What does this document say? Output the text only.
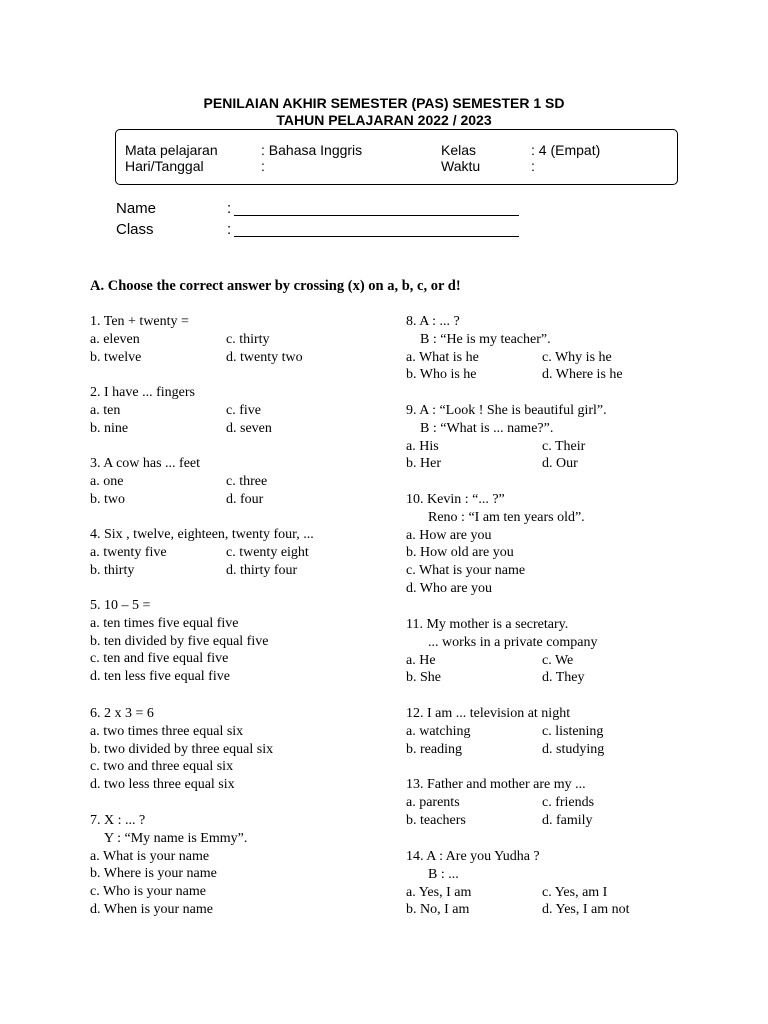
PENILAIAN AKHIR SEMESTER (PAS) SEMESTER 1 SD
TAHUN PELAJARAN 2022 / 2023
Mata pelajaran	: Bahasa Inggris	Kelas	: 4 (Empat)
Hari/Tanggal	:	Waktu	:
Name	:
Class	:
A. Choose the correct answer by crossing (x) on a, b, c, or d!
1. Ten + twenty =
a. eleven	c. thirty
b. twelve	d. twenty two
2. I have ... fingers
a. ten	c. five
b. nine	d. seven
3. A cow has ... feet
a. one	c. three
b. two	d. four
4. Six , twelve, eighteen, twenty four, ...
a. twenty five	c. twenty eight
b. thirty	d. thirty four
5. 10 – 5 =
a. ten times five equal five
b. ten divided by five equal five
c. ten and five equal five
d. ten less five equal five
6. 2 x 3 = 6
a. two times three equal six
b. two divided by three equal six
c. two and three equal six
d. two less three equal six
7. X : ... ?
Y : “My name is Emmy”.
a. What is your name
b. Where is your name
c. Who is your name
d. When is your name
8. A : ... ?
B : “He is my teacher”.
a. What is he	c. Why is he
b. Who is he	d. Where is he
9. A : “Look ! She is beautiful girl”.
B : “What is ... name?”.
a. His	c. Their
b. Her	d. Our
10. Kevin : “... ?”
Reno : “I am ten years old”.
a. How are you
b. How old are you
c. What is your name
d. Who are you
11. My mother is a secretary.
... works in a private company
a. He	c. We
b. She	d. They
12. I am ... television at night
a. watching	c. listening
b. reading	d. studying
13. Father and mother are my ...
a. parents	c. friends
b. teachers	d. family
14. A : Are you Yudha ?
B : ...
a. Yes, I am	c. Yes, am I
b. No, I am	d. Yes, I am not
